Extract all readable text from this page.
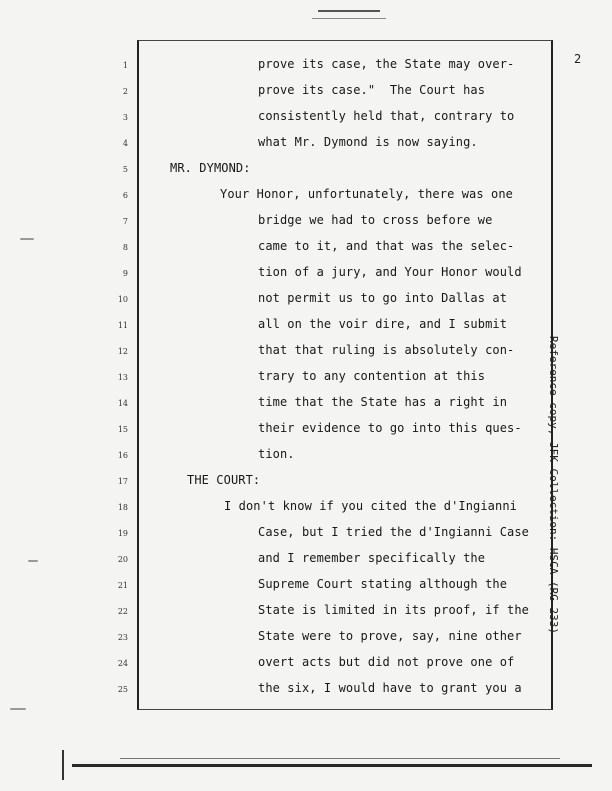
2
1
2
3
4
5
6
7
8
9
10
11
12
13
14
15
16
17
18
19
20
21
22
23
24
25
prove its case, the State may over-
prove its case."  The Court has
consistently held that, contrary to
what Mr. Dymond is now saying.
MR. DYMOND:
Your Honor, unfortunately, there was one
bridge we had to cross before we
came to it, and that was the selec-
tion of a jury, and Your Honor would
not permit us to go into Dallas at
all on the voir dire, and I submit
that that ruling is absolutely con-
trary to any contention at this
time that the State has a right in
their evidence to go into this ques-
tion.
THE COURT:
I don't know if you cited the d'Ingianni
Case, but I tried the d'Ingianni Case
and I remember specifically the
Supreme Court stating although the
State is limited in its proof, if the
State were to prove, say, nine other
overt acts but did not prove one of
the six, I would have to grant you a
Reference copy, JFK Collection: HSCA (RG 233)
